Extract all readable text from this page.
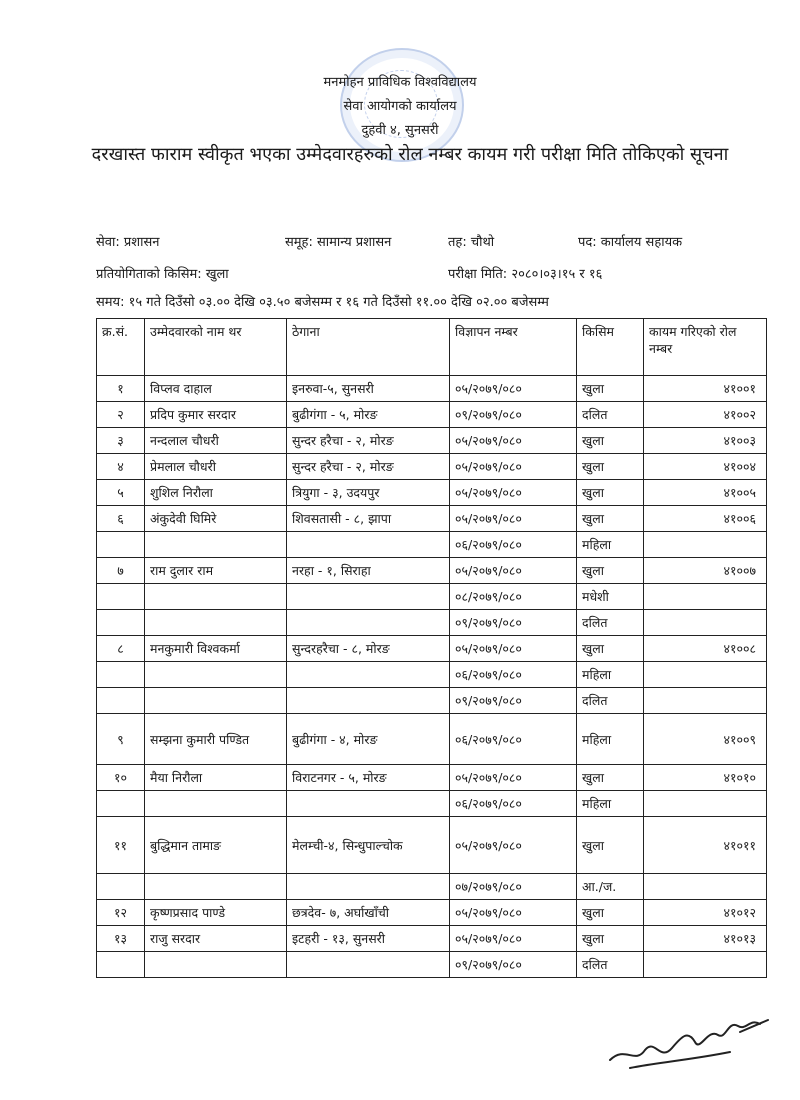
मनमोहन प्राविधिक विश्वविद्यालय
सेवा आयोगको कार्यालय
दुहवी ४, सुनसरी
दरखास्त फाराम स्वीकृत भएका उम्मेदवारहरुको रोल नम्बर कायम गरी परीक्षा मिति तोकिएको सूचना
सेवा: प्रशासन	समूह: सामान्य प्रशासन	तह: चौथो	पद: कार्यालय सहायक
प्रतियोगिताको किसिम: खुला	परीक्षा मिति: २०८०।०३।१५ र १६
समय: १५ गते दिउँसो ०३.०० देखि ०३.५० बजेसम्म र १६ गते दिउँसो ११.०० देखि ०२.०० बजेसम्म
क्र.सं.	उम्मेदवारको नाम थर	ठेगाना	विज्ञापन नम्बर	किसिम	कायम गरिएको रोल नम्बर
१	विप्लव दाहाल	इनरुवा-५, सुनसरी	०५/२०७९/०८०	खुला	४१००१
२	प्रदिप कुमार सरदार	बुढीगंगा - ५, मोरङ	०९/२०७९/०८०	दलित	४१००२
३	नन्दलाल चौधरी	सुन्दर हरैचा - २, मोरङ	०५/२०७९/०८०	खुला	४१००३
४	प्रेमलाल चौधरी	सुन्दर हरैचा - २, मोरङ	०५/२०७९/०८०	खुला	४१००४
५	शुशिल निरौला	त्रियुगा - ३, उदयपुर	०५/२०७९/०८०	खुला	४१००५
६	अंकुदेवी घिमिरे	शिवसतासी - ८, झापा	०५/२०७९/०८०	खुला	४१००६
			०६/२०७९/०८०	महिला	
७	राम दुलार राम	नरहा - १, सिराहा	०५/२०७९/०८०	खुला	४१००७
			०८/२०७९/०८०	मधेशी	
			०९/२०७९/०८०	दलित	
८	मनकुमारी विश्वकर्मा	सुन्दरहरैचा - ८, मोरङ	०५/२०७९/०८०	खुला	४१००८
			०६/२०७९/०८०	महिला	
			०९/२०७९/०८०	दलित	
९	सम्झना कुमारी पण्डित	बुढीगंगा - ४, मोरङ	०६/२०७९/०८०	महिला	४१००९
१०	मैया निरौला	विराटनगर - ५, मोरङ	०५/२०७९/०८०	खुला	४१०१०
			०६/२०७९/०८०	महिला	
११	बुद्धिमान तामाङ	मेलम्ची-४, सिन्धुपाल्चोक	०५/२०७९/०८०	खुला	४१०११
			०७/२०७९/०८०	आ./ज.	
१२	कृष्णप्रसाद पाण्डे	छत्रदेव- ७, अर्घाखाँची	०५/२०७९/०८०	खुला	४१०१२
१३	राजु सरदार	इटहरी - १३, सुनसरी	०५/२०७९/०८०	खुला	४१०१३
			०९/२०७९/०८०	दलित	
